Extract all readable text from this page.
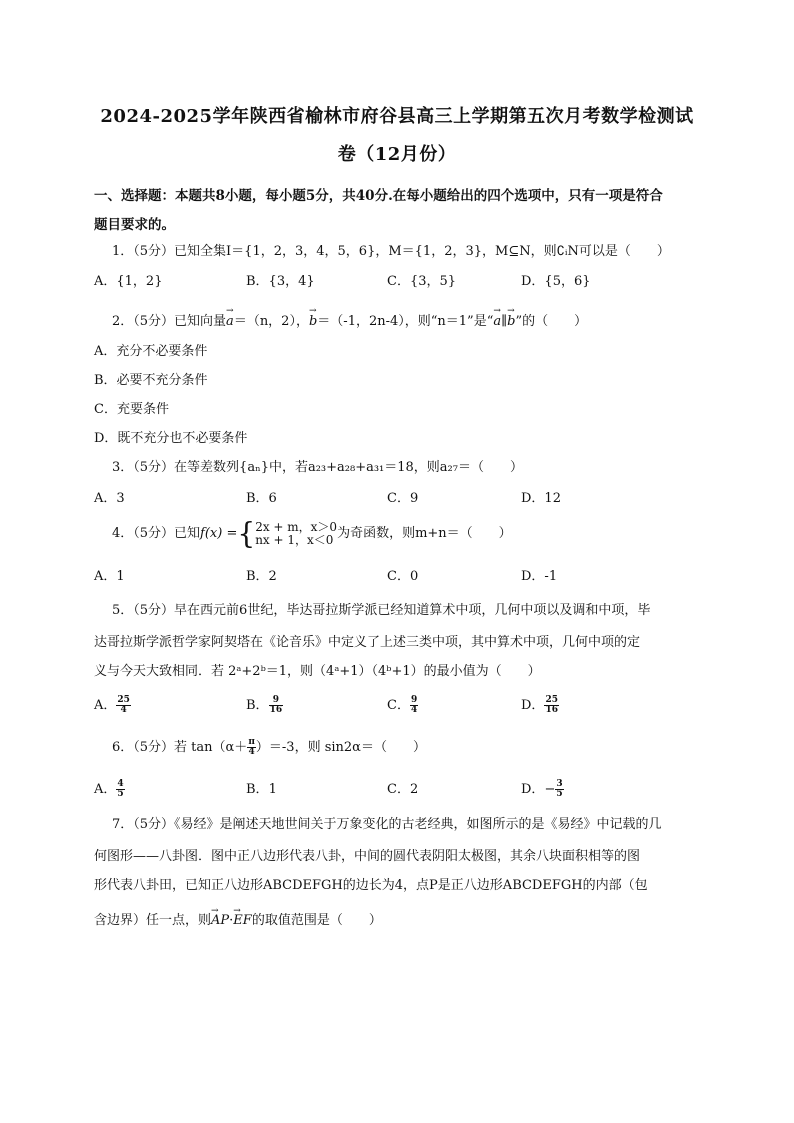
2024-2025学年陕西省榆林市府谷县高三上学期第五次月考数学检测试
卷（12月份）
一、选择题：本题共8小题，每小题5分，共40分.在每小题给出的四个选项中，只有一项是符合
题目要求的。
1．（5分）已知全集I＝{1，2，3，4，5，6}，M＝{1，2，3}，M⊆N，则∁ᵢN可以是（　　）
A．{1，2}	B．{3，4}	C．{3，5}	D．{5，6}
2．（5分）已知向量→ a＝（n，2），→ b＝（-1，2n-4），则“n＝1”是“→ a∥→ b”的（　　）
A．充分不必要条件
B．必要不充分条件
C．充要条件
D．既不充分也不必要条件
3．（5分）在等差数列{aₙ}中，若a₂₃+a₂₈+a₃₁＝18，则a₂₇＝（　　）
A．3	B．6	C．9	D．12
4．（5分）已知f(x) ={ 2x + m，x＞0
nx + 1，x＜0 为奇函数，则m+n＝（　　）
A．1	B．2	C．0	D．-1
5．（5分）早在西元前6世纪，毕达哥拉斯学派已经知道算术中项，几何中项以及调和中项，毕
达哥拉斯学派哲学家阿契塔在《论音乐》中定义了上述三类中项，其中算术中项，几何中项的定
义与今天大致相同．若 2ᵃ+2ᵇ＝1，则（4ᵃ+1）（4ᵇ+1）的最小值为（　　）
A． $\frac{25}{4}$	B． $\frac{9}{16}$	C． $\frac{9}{4}$	D． $\frac{25}{16}$
6．（5分）若 $\tan(\alpha+ \frac{\pi}{4} )=-3$，则 sin2α＝（　　）
A． $\frac{4}{5}$	B．1	C．2	D．− $\frac{3}{5}$
7．（5分）《易经》是阐述天地世间关于万象变化的古老经典，如图所示的是《易经》中记载的几
何图形——八卦图．图中正八边形代表八卦，中间的圆代表阴阳太极图，其余八块面积相等的图
形代表八卦田，已知正八边形ABCDEFGH的边长为4，点P是正八边形ABCDEFGH的内部（包
含边界）任一点，则→ AP·→ EF的取值范围是（　　）
